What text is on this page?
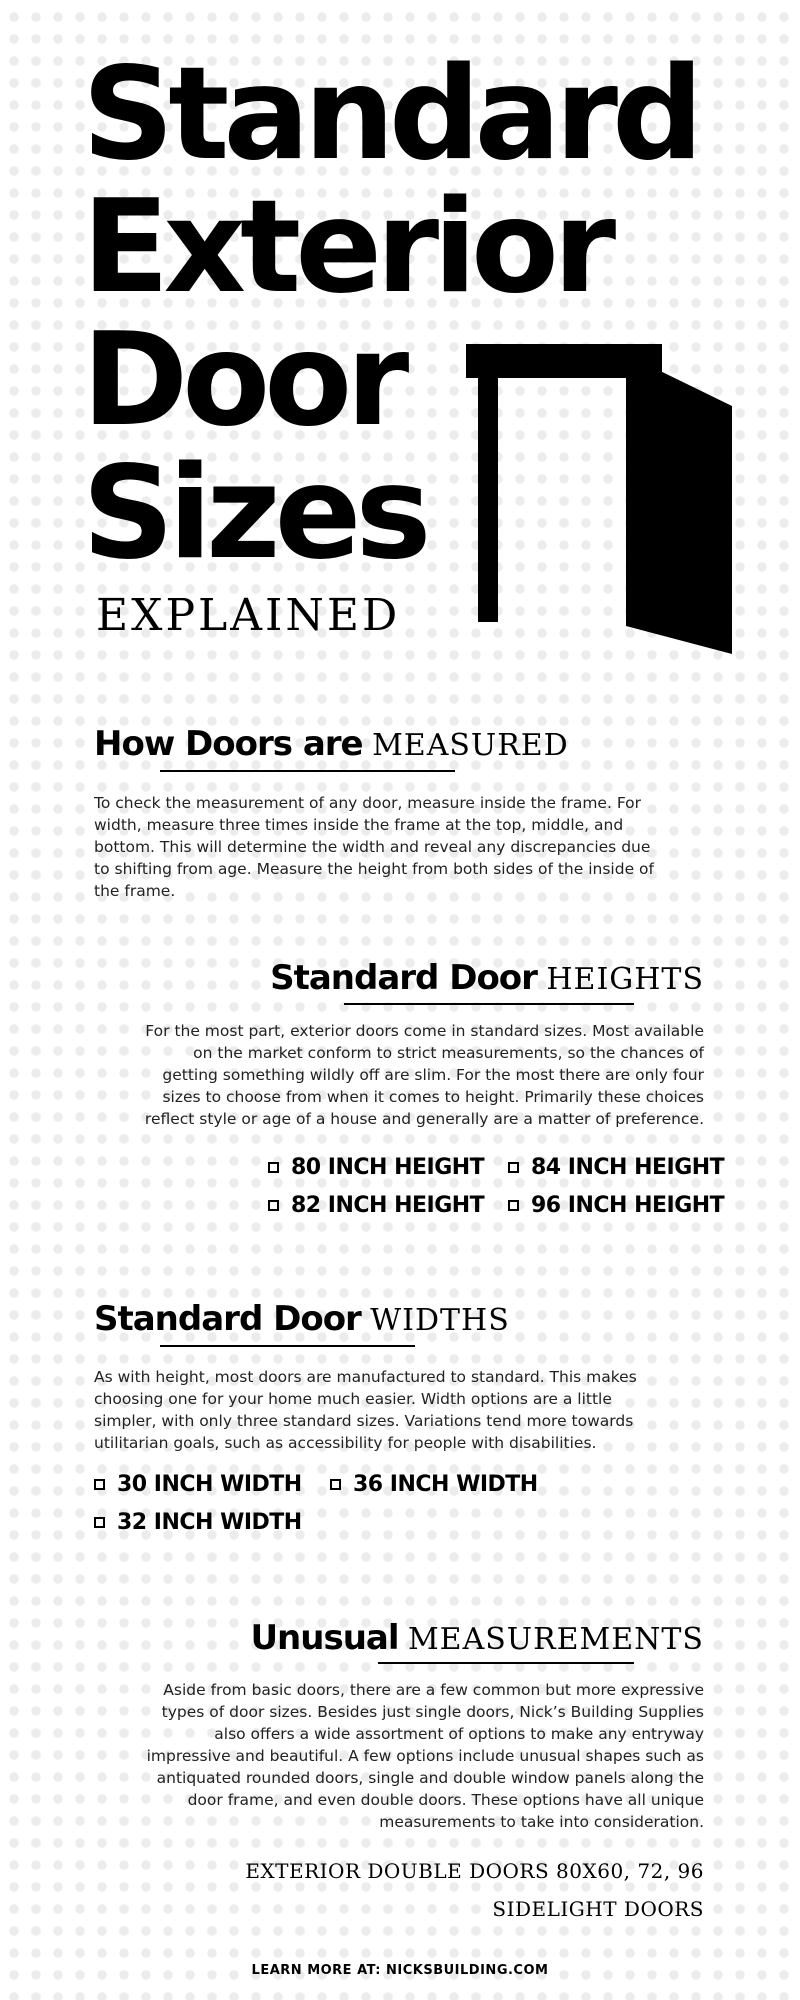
Standard
Exterior
Door
Sizes
EXPLAINED
How Doors are MEASURED
To check the measurement of any door, measure inside the frame. For width, measure three times inside the frame at the top, middle, and bottom. This will determine the width and reveal any discrepancies due to shifting from age. Measure the height from both sides of the inside of the frame.
Standard Door HEIGHTS
For the most part, exterior doors come in standard sizes. Most available on the market conform to strict measurements, so the chances of getting something wildly off are slim. For the most there are only four sizes to choose from when it comes to height. Primarily these choices reflect style or age of a house and generally are a matter of preference.
80 INCH HEIGHT 84 INCH HEIGHT
82 INCH HEIGHT 96 INCH HEIGHT
Standard Door WIDTHS
As with height, most doors are manufactured to standard. This makes choosing one for your home much easier. Width options are a little simpler, with only three standard sizes. Variations tend more towards utilitarian goals, such as accessibility for people with disabilities.
30 INCH WIDTH 36 INCH WIDTH
32 INCH WIDTH
Unusual MEASUREMENTS
Aside from basic doors, there are a few common but more expressive types of door sizes. Besides just single doors, Nick’s Building Supplies also offers a wide assortment of options to make any entryway impressive and beautiful. A few options include unusual shapes such as antiquated rounded doors, single and double window panels along the door frame, and even double doors. These options have all unique measurements to take into consideration.
EXTERIOR DOUBLE DOORS 80X60, 72, 96
SIDELIGHT DOORS
LEARN MORE AT: NICKSBUILDING.COM
